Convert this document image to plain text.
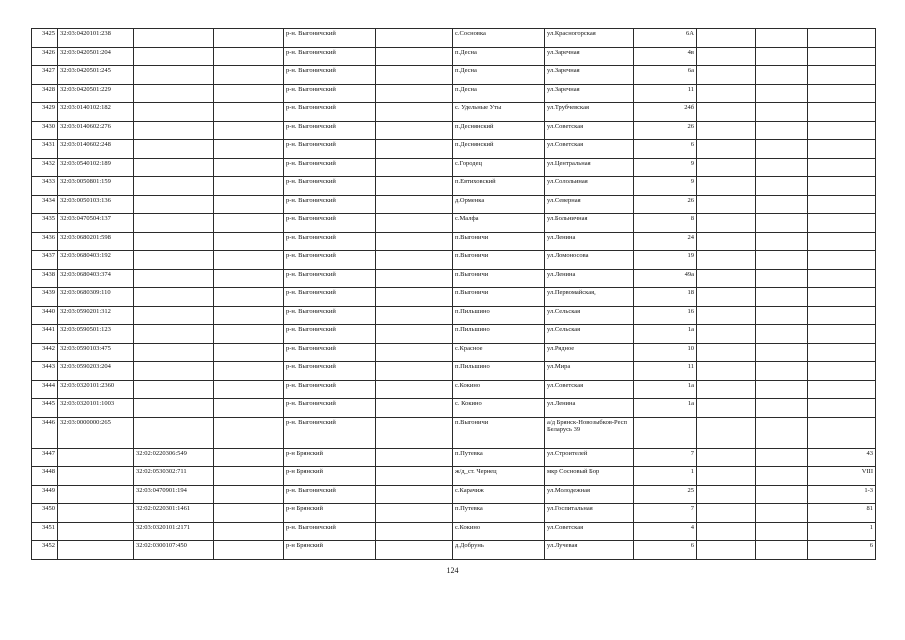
3425	32:03:0420101:238			р-н. Выгоничский		с.Сосновка	ул.Красногорская	6А			
3426	32:03:0420501:204			р-н. Выгоничский		п.Десна	ул.Заречная	4в			
3427	32:03:0420501:245			р-н. Выгоничский		п.Десна	ул.Заречная	6а			
3428	32:03:0420501:229			р-н. Выгоничский		п.Десна	ул.Заречная	11			
3429	32:03:0140102:182			р-н. Выгоничский		с. Удельные Уты	ул.Трубчевская	24б			
3430	32:03:0140602:276			р-н. Выгоничский		п.Деснянский	ул.Советская	26			
3431	32:03:0140602:248			р-н. Выгоничский		п.Деснянский	ул.Советская	6			
3432	32:03:0540102:189			р-н. Выгоничский		с.Городец	ул.Центральная	9			
3433	32:03:0050801:159			р-н. Выгоничский		п.Евтиховский	ул.Солольиная	9			
3434	32:03:0050103:136			р-н. Выгоничский		д.Орменка	ул.Северная	26			
3435	32:03:0470504:137			р-н. Выгоничский		с.Малфа	ул.Больничная	8			
3436	32:03:0680201:598			р-н. Выгоничский		п.Выгоничи	ул.Ленина	24			
3437	32:03:0680403:192			р-н. Выгоничский		п.Выгоничи	ул.Ломоносова	19			
3438	32:03:0680403:374			р-н. Выгоничский		п.Выгоничи	ул.Ленина	49а			
3439	32:03:0680309:110			р-н. Выгоничский		п.Выгоничи	ул.Первомайская,	18			
3440	32:03:0590201:312			р-н. Выгоничский		п.Пильшино	ул.Сельская	16			
3441	32:03:0590501:123			р-н. Выгоничский		п.Пильшино	ул.Сельская	1а			
3442	32:03:0590103:475			р-н. Выгоничский		с.Красное	ул.Рядное	10			
3443	32:03:0590203:204			р-н. Выгоничский		п.Пильшино	ул.Мира	11			
3444	32:03:0320101:2360			р-н. Выгоничский		с.Кокино	ул.Советская	1а			
3445	32:03:0320101:1003			р-н. Выгоничский		с. Кокино	ул.Ленина	1а			
3446	32:03:0000000:265			р-н. Выгоничский		п.Выгоничи	а/д Брянск-Новозыбков-Респ Беларусь 39				
3447		32:02:0220306:549		р-н Брянский		п.Путевка	ул.Строителей	7			43
3448		32:02:0530302:711		р-н Брянский		ж/д_ст. Чернец	мкр Сосновый Бор	1			VIII
3449		32:03:0470901:194		р-н. Выгоничский		с.Карачиж	ул.Молодежная	25			1-3
3450		32:02:0220301:1461		р-н Брянский		п.Путевка	ул.Госпитальная	7			81
3451		32:03:0320101:2171		р-н. Выгоничский		с.Кокино	ул.Советская	4			1
3452		32:02:0300107:450		р-н Брянский		д.Добрунь	ул.Лучевая	6			6
124
